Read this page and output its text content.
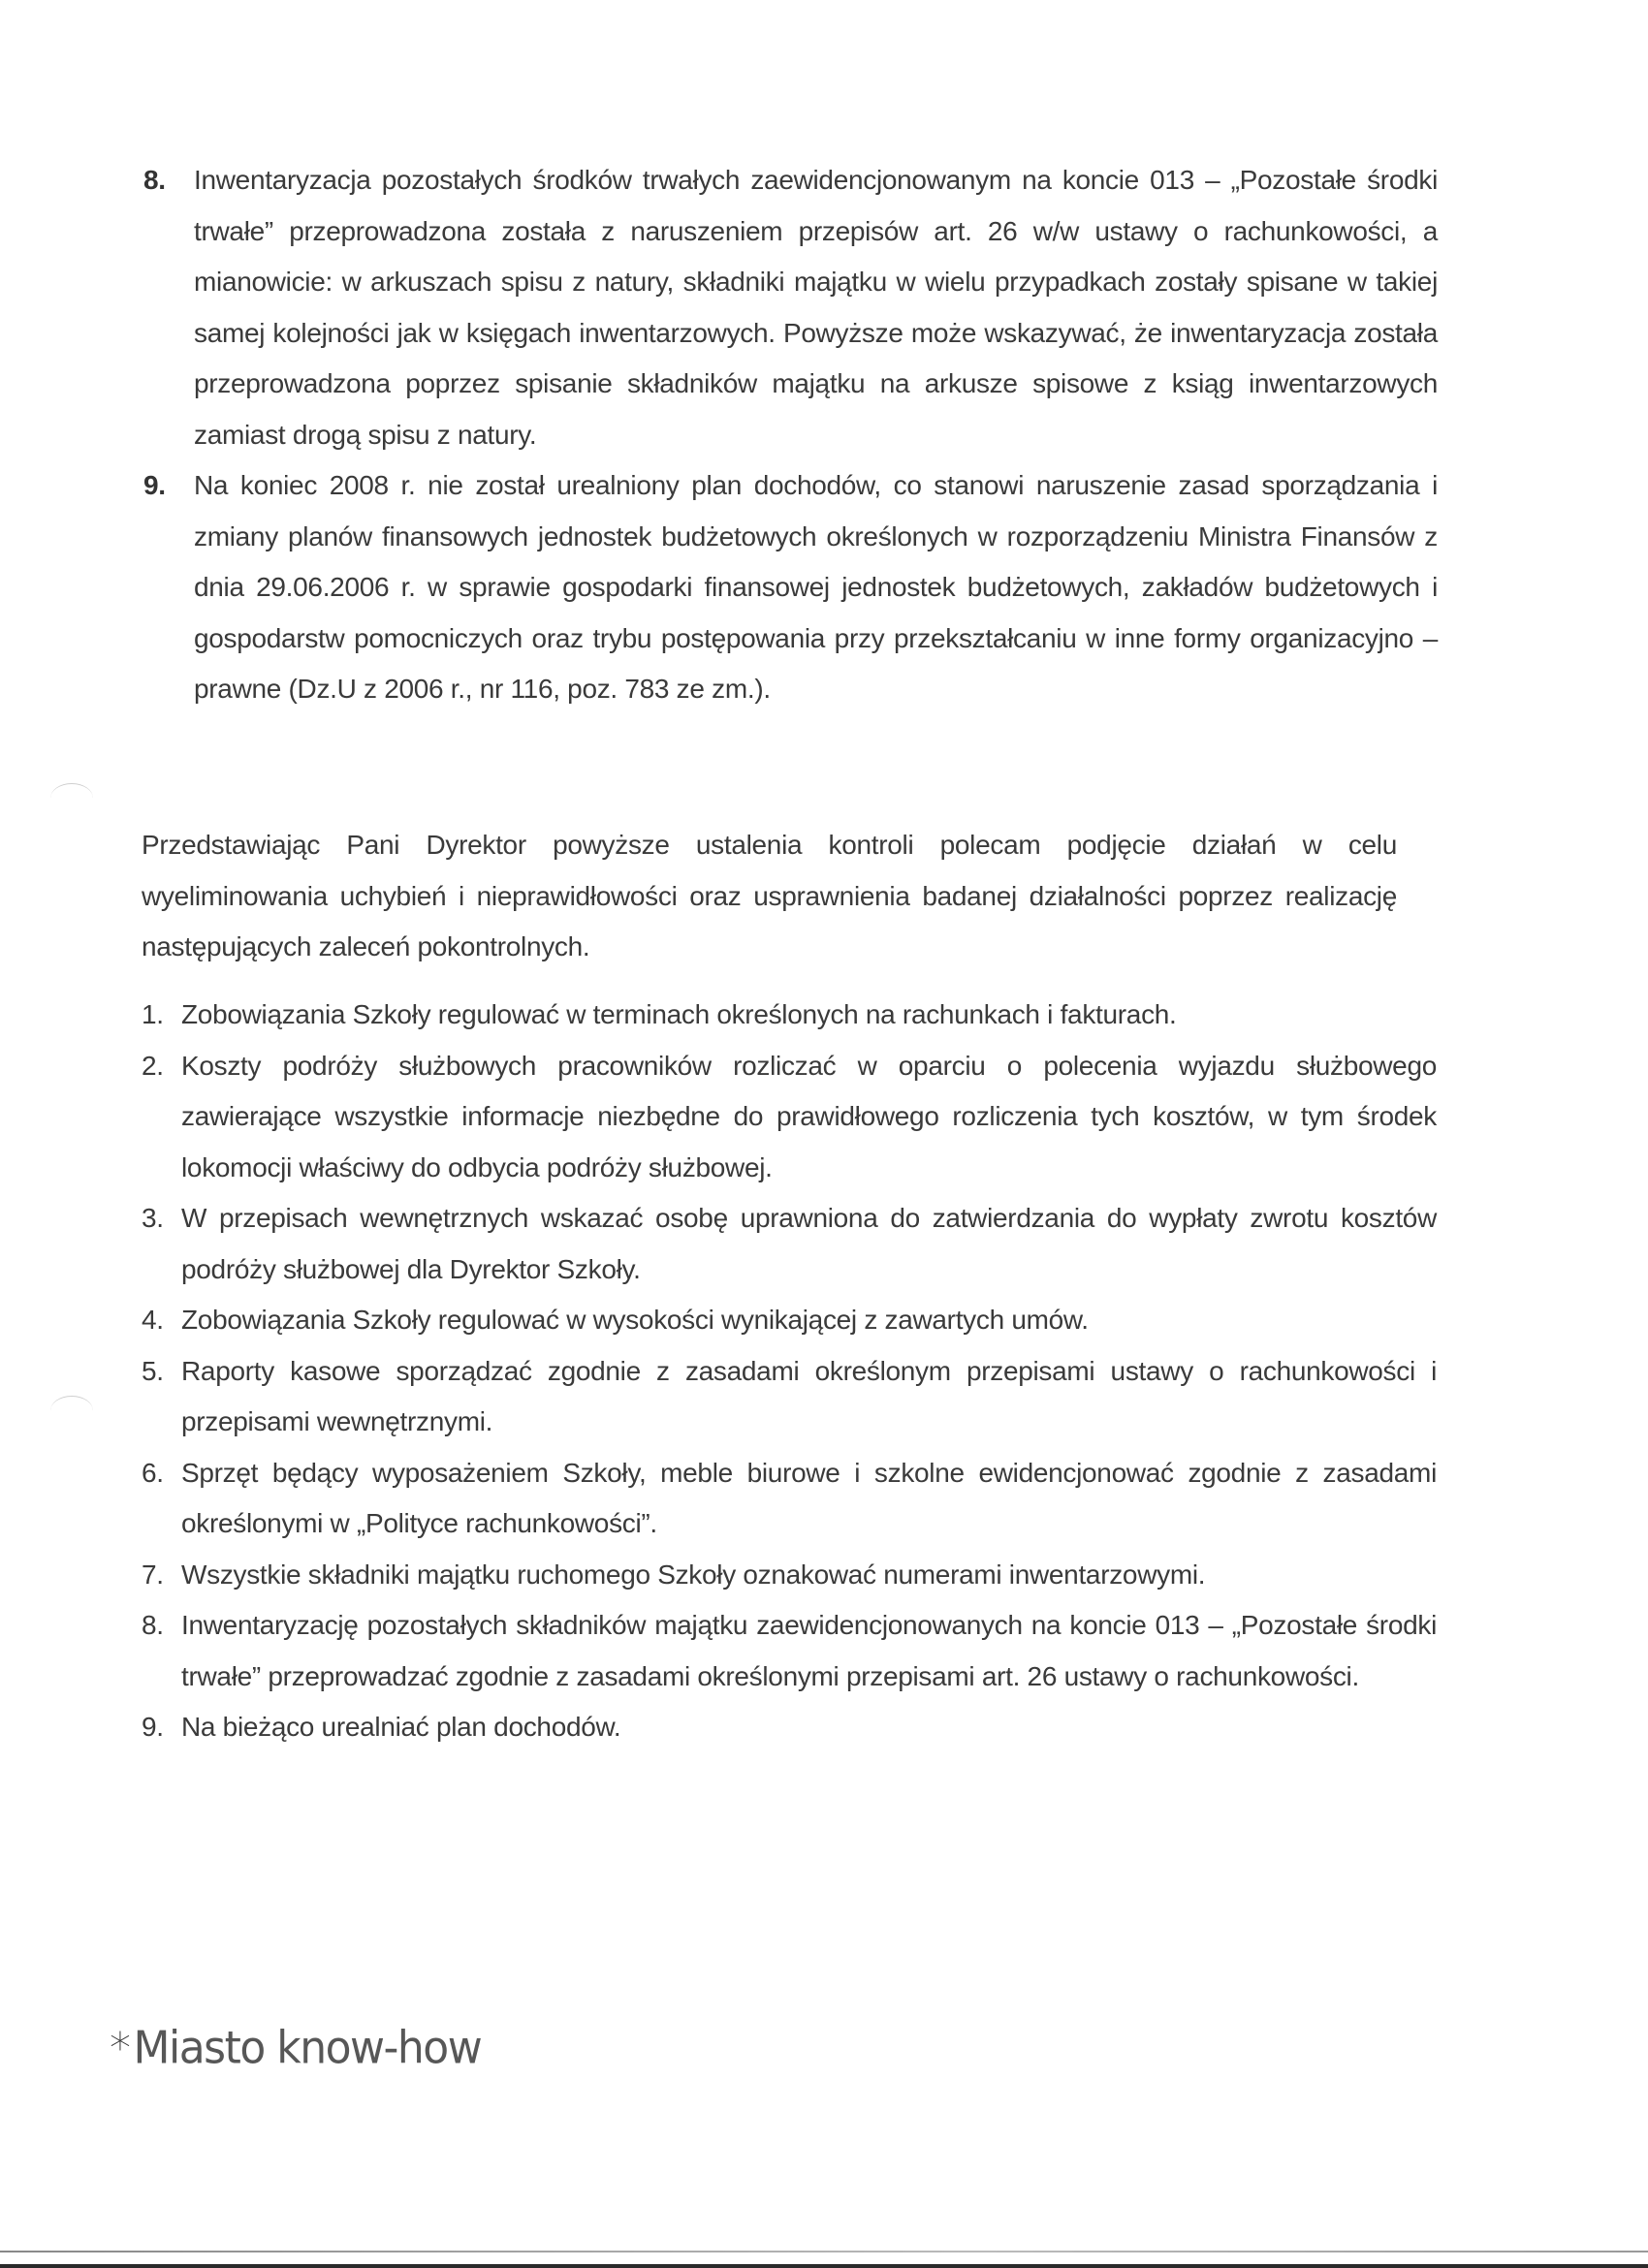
8. Inwentaryzacja pozostałych środków trwałych zaewidencjonowanym na koncie 013 – „Pozostałe środki trwałe” przeprowadzona została z naruszeniem przepisów art. 26 w/w ustawy o rachunkowości, a mianowicie: w arkuszach spisu z natury, składniki majątku w wielu przypadkach zostały spisane w takiej samej kolejności jak w księgach inwentarzowych. Powyższe może wskazywać, że inwentaryzacja została przeprowadzona poprzez spisanie składników majątku na arkusze spisowe z ksiąg inwentarzowych zamiast drogą spisu z natury.
9. Na koniec 2008 r. nie został urealniony plan dochodów, co stanowi naruszenie zasad sporządzania i zmiany planów finansowych jednostek budżetowych określonych w rozporządzeniu Ministra Finansów z dnia 29.06.2006 r. w sprawie gospodarki finansowej jednostek budżetowych, zakładów budżetowych i gospodarstw pomocniczych oraz trybu postępowania przy przekształcaniu w inne formy organizacyjno – prawne (Dz.U z 2006 r., nr 116, poz. 783 ze zm.).

Przedstawiając Pani Dyrektor powyższe ustalenia kontroli polecam podjęcie działań w celu wyeliminowania uchybień i nieprawidłowości oraz usprawnienia badanej działalności poprzez realizację następujących zaleceń pokontrolnych.

1. Zobowiązania Szkoły regulować w terminach określonych na rachunkach i fakturach.
2. Koszty podróży służbowych pracowników rozliczać w oparciu o polecenia wyjazdu służbowego zawierające wszystkie informacje niezbędne do prawidłowego rozliczenia tych kosztów, w tym środek lokomocji właściwy do odbycia podróży służbowej.
3. W przepisach wewnętrznych wskazać osobę uprawniona do zatwierdzania do wypłaty zwrotu kosztów podróży służbowej dla Dyrektor Szkoły.
4. Zobowiązania Szkoły regulować w wysokości wynikającej z zawartych umów.
5. Raporty kasowe sporządzać zgodnie z zasadami określonym przepisami ustawy o rachunkowości i przepisami wewnętrznymi.
6. Sprzęt będący wyposażeniem Szkoły, meble biurowe i szkolne ewidencjonować zgodnie z zasadami określonymi w „Polityce rachunkowości”.
7. Wszystkie składniki majątku ruchomego Szkoły oznakować numerami inwentarzowymi.
8. Inwentaryzację pozostałych składników majątku zaewidencjonowanych na koncie 013 – „Pozostałe środki trwałe” przeprowadzać zgodnie z zasadami określonymi przepisami art. 26 ustawy o rachunkowości.
9. Na bieżąco urealniać plan dochodów.
*Miasto know-how
